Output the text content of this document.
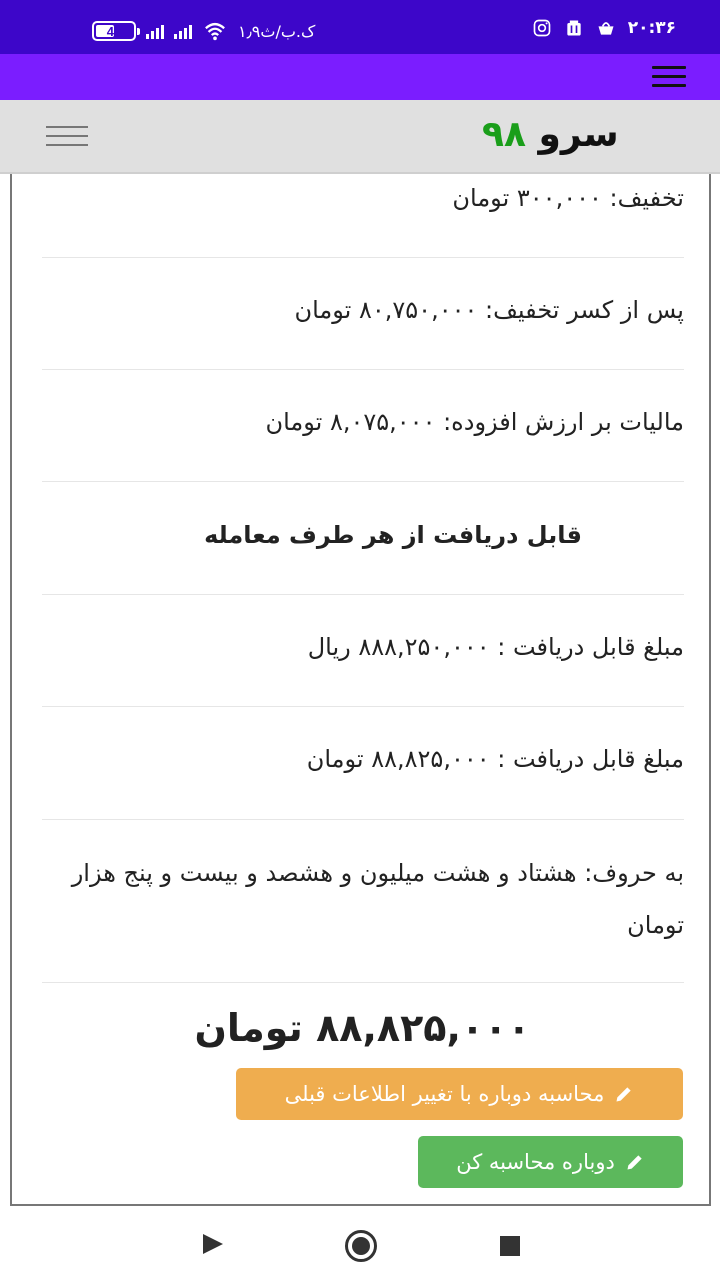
49	۱٫۹ک.ب/ث	۲۰:۳۶
سرو ۹۸
تخفیف: ۳۰۰,۰۰۰ تومان
پس از کسر تخفیف: ۸۰,۷۵۰,۰۰۰ تومان
مالیات بر ارزش افزوده: ۸,۰۷۵,۰۰۰ تومان
قابل دریافت از هر طرف معامله
مبلغ قابل دریافت : ۸۸۸,۲۵۰,۰۰۰ ریال
مبلغ قابل دریافت : ۸۸,۸۲۵,۰۰۰ تومان
به حروف: هشتاد و هشت میلیون و هشصد و بیست و پنج هزار تومان
۸۸,۸۲۵,۰۰۰ تومان
محاسبه دوباره با تغییر اطلاعات قبلی
دوباره محاسبه کن
